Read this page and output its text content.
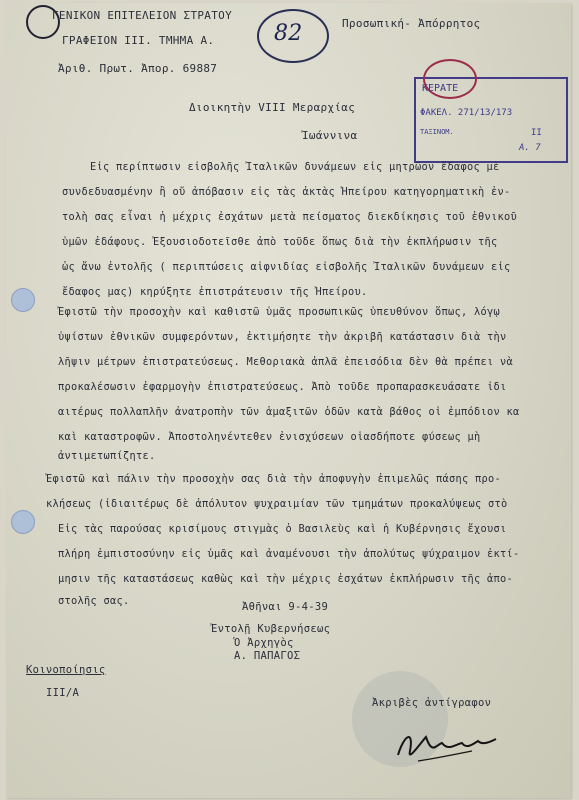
ΓΕΝΙΚΟΝ ΕΠΙΤΕΛΕΙΟΝ ΣΤΡΑΤΟΥ
ΓΡΑΦΕΙΟΝ ΙΙΙ. ΤΜΗΜΑ Α.
Ἀριθ. Πρωτ. Ἀπορ. 69887
82	Προσωπική- Ἀπόρρητος
ΚΕΡΑΤΕ
ΦΑΚΕΛ. 271/13/173
ΤΑΞΙΝΟΜ.	ΙΙ
Α. 7
Διοικητὴν VIII Μεραρχίας
Ἰωάννινα
Εἰς περίπτωσιν εἰσβολῆς Ἰταλικῶν δυνάμεων εἰς μητρῶον ἔδαφος μὲ
συνδεδυασμένην ἢ οὔ ἀπόβασιν εἰς τὰς ἀκτὰς Ἠπείρου κατηγορηματικὴ ἐν-
τολὴ σας εἶναι ἡ μέχρις ἐσχάτων μετὰ πείσματος διεκδίκησις τοῦ ἐθνικοῦ
ὑμῶν ἐδάφους. Ἐξουσιοδοτεῖσθε ἀπὸ τοῦδε ὅπως διὰ τὴν ἐκπλήρωσιν τῆς
ὡς ἄνω ἐντολῆς ( περιπτώσεις αἰφνιδίας εἰσβολῆς Ἰταλικῶν δυνάμεων εἰς
ἔδαφος μας) κηρύξητε ἐπιστράτευσιν τῆς Ἠπείρου.
Ἐφιστῶ τὴν προσοχὴν καὶ καθιστῶ ὑμᾶς προσωπικῶς ὑπευθύνον ὅπως, λόγῳ
ὑψίστων ἐθνικῶν συμφερόντων, ἐκτιμήσητε τὴν ἀκριβῆ κατάστασιν διὰ τὴν
λῆψιν μέτρων ἐπιστρατεύσεως. Μεθοριακὰ ἁπλᾶ ἐπεισόδια δὲν θὰ πρέπει νὰ
προκαλέσωσιν ἐφαρμογὴν ἐπιστρατεύσεως. Ἀπὸ τοῦδε προπαρασκευάσατε ἰδι
αιτέρως πολλαπλῆν ἀνατροπὴν τῶν ἁμαξιτῶν ὁδῶν κατὰ βάθος οἱ ἐμπόδιον κα
καὶ καταστροφῶν. Ἀποστοληνέντεθεν ἐνισχύσεων οἱασδήποτε φύσεως μὴ
ἀντιμετωπίζητε.
Ἐφιστῶ καὶ πάλιν τὴν προσοχὴν σας διὰ τὴν ἀποφυγὴν ἐπιμελῶς πάσης προ-
κλήσεως (ἰδιαιτέρως δὲ ἀπόλυτον ψυχραιμίαν τῶν τμημάτων προκαλύψεως στὸ
Εἰς τὰς παρούσας κρισίμους στιγμὰς ὁ Βασιλεὺς καὶ ἡ Κυβέρνησις ἔχουσι
πλήρη ἐμπιστοσύνην εἰς ὑμᾶς καὶ ἀναμένουσι τὴν ἀπολύτως ψύχραιμον ἐκτί-
μησιν τῆς καταστάσεως καθὼς καὶ τὴν μέχρις ἐσχάτων ἐκπλήρωσιν τῆς ἀπο-
στολῆς σας.	Ἀθῆναι 9-4-39
Ἐντολῇ Κυβερνήσεως
Ὁ Ἀρχηγὸς
Α. ΠΑΠΑΓΟΣ
Κοινοποίησις
ΙΙΙ/Α
Ἀκριβὲς ἀντίγραφον
